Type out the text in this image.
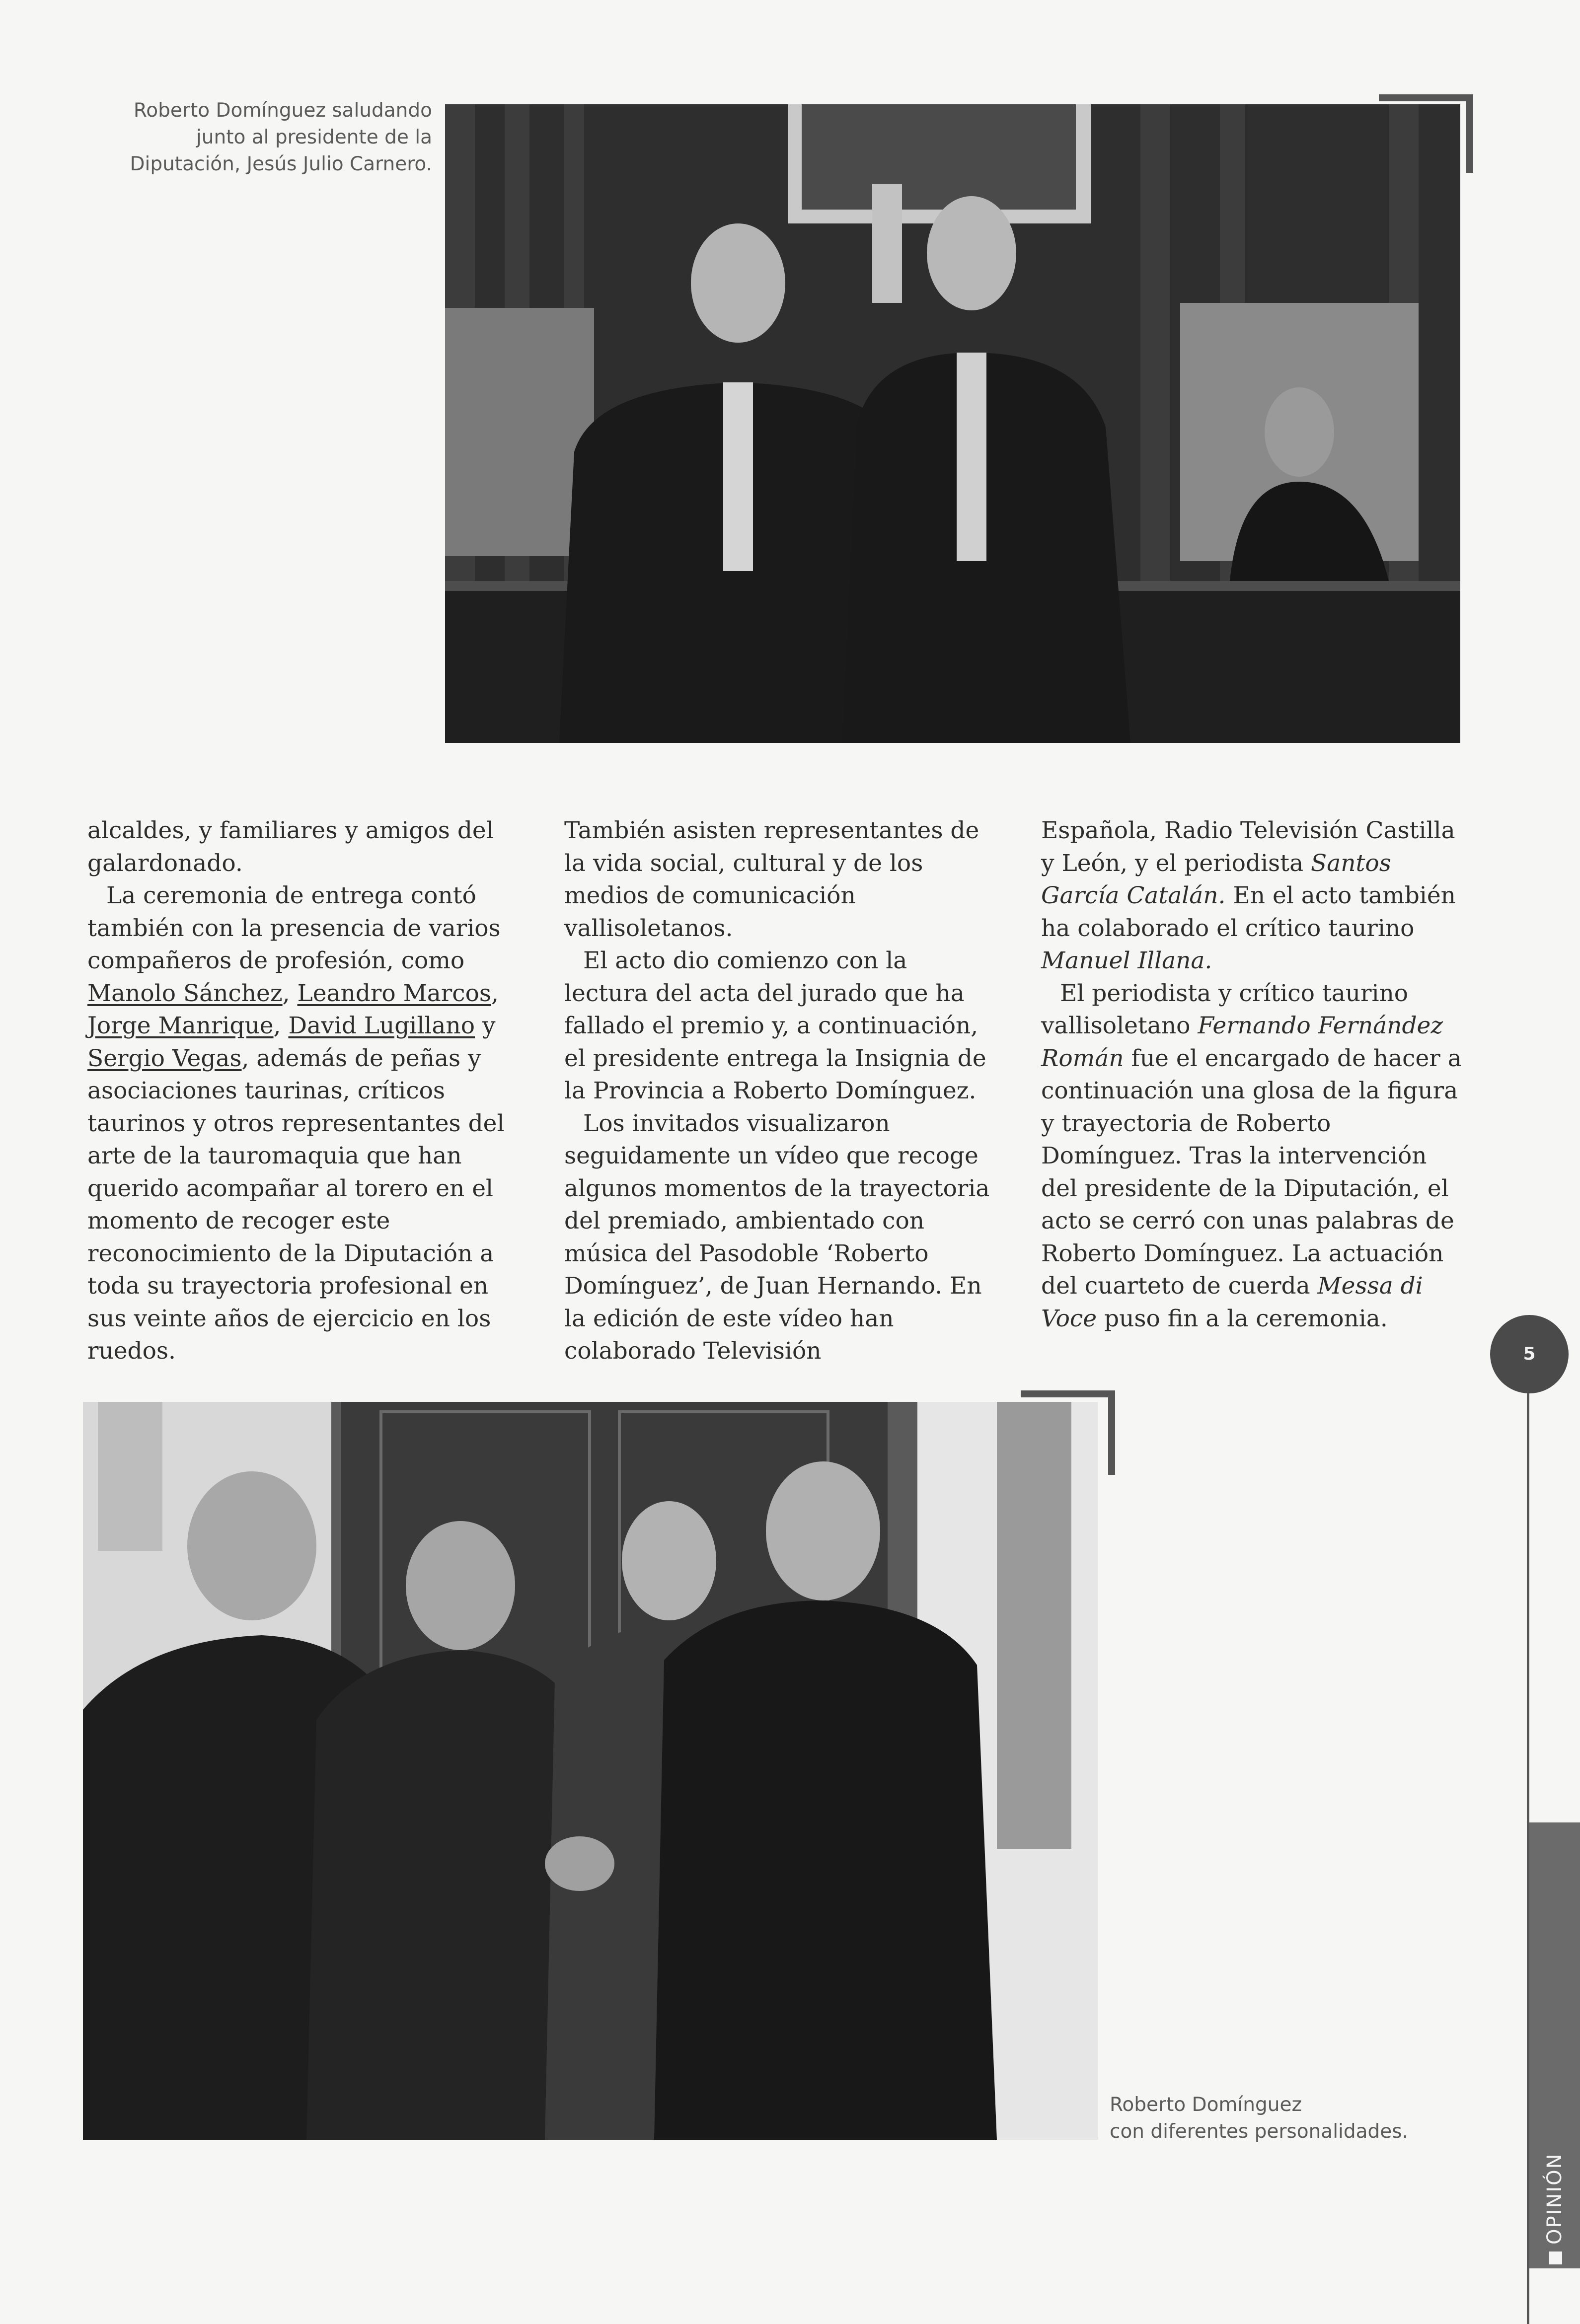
Roberto Domínguez saludando
junto al presidente de la
Diputación, Jesús Julio Carnero.

alcaldes, y familiares y amigos del galardonado.

La ceremonia de entrega contó también con la presencia de varios compañeros de profesión, como Manolo Sánchez, Leandro Marcos, Jorge Manrique, David Lugillano y Sergio Vegas, además de peñas y asociaciones taurinas, críticos taurinos y otros representantes del arte de la tauromaquia que han querido acompañar al torero en el momento de recoger este reconocimiento de la Diputación a toda su trayectoria profesional en sus veinte años de ejercicio en los ruedos.

También asisten representantes de la vida social, cultural y de los medios de comunicación vallisoletanos.

El acto dio comienzo con la lectura del acta del jurado que ha fallado el premio y, a continuación, el presidente entrega la Insignia de la Provincia a Roberto Domínguez.

Los invitados visualizaron seguidamente un vídeo que recoge algunos momentos de la trayectoria del premiado, ambientado con música del Pasodoble ‘Roberto Domínguez’, de Juan Hernando. En la edición de este vídeo han colaborado Televisión

Española, Radio Televisión Castilla y León, y el periodista Santos García Catalán. En el acto también ha colaborado el crítico taurino Manuel Illana.

El periodista y crítico taurino vallisoletano Fernando Fernández Román fue el encargado de hacer a continuación una glosa de la figura y trayectoria de Roberto Domínguez. Tras la intervención del presidente de la Diputación, el acto se cerró con unas palabras de Roberto Domínguez. La actuación del cuarteto de cuerda Messa di Voce puso fin a la ceremonia.

Roberto Domínguez
con diferentes personalidades.
5
OPINIÓN
